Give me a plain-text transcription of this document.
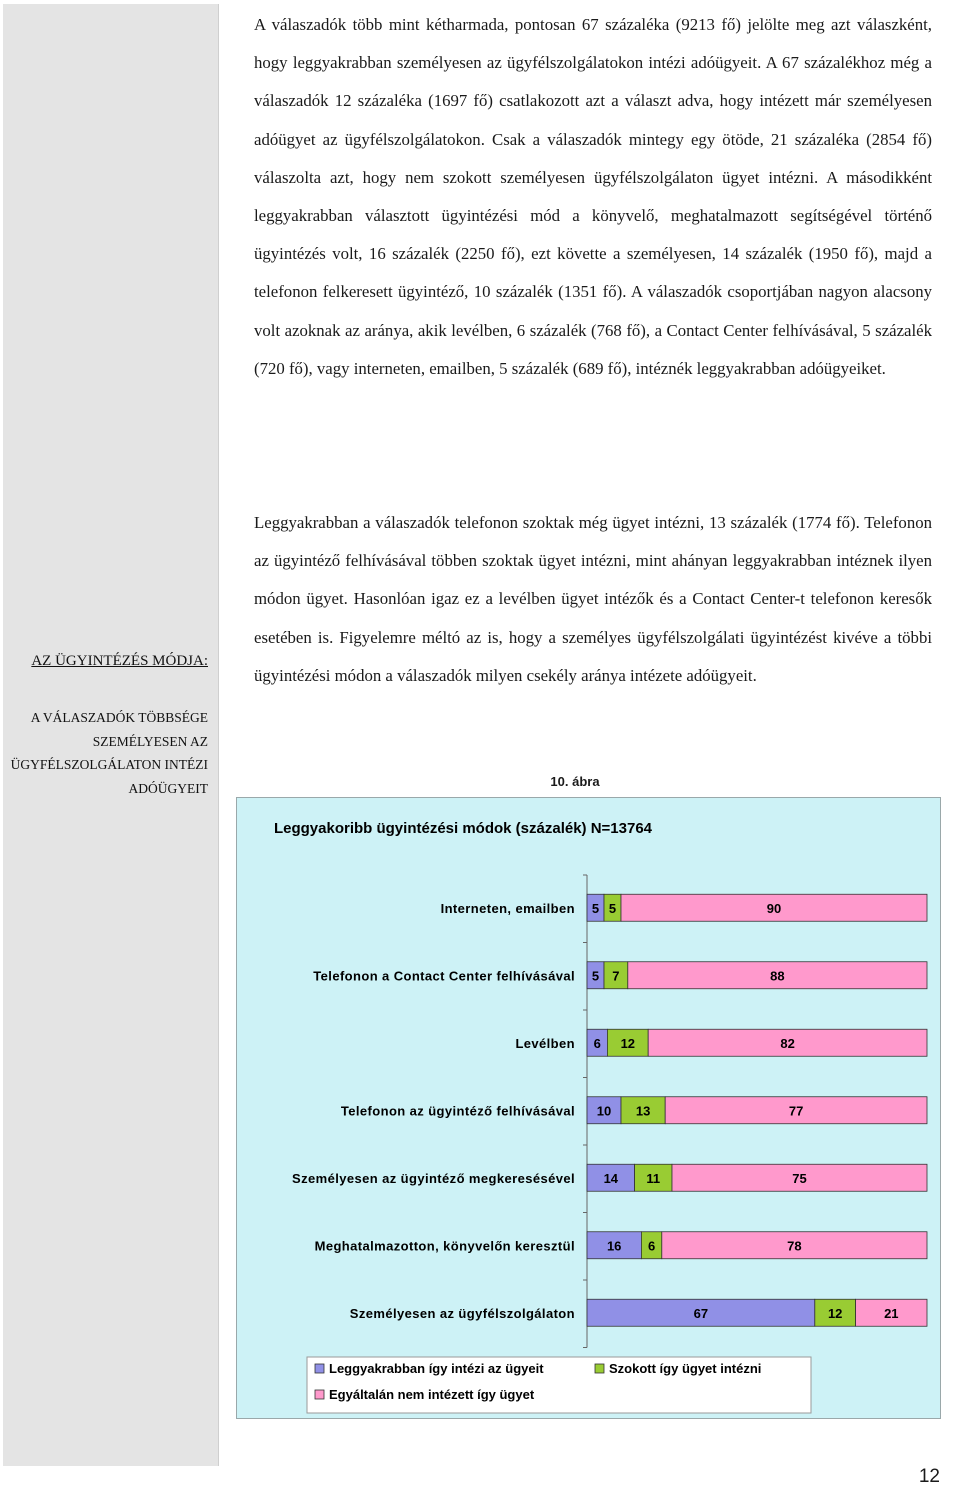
AZ ÜGYINTÉZÉS MÓDJA:
A VÁLASZADÓK TÖBBSÉGE SZEMÉLYESEN AZ ÜGYFÉLSZOLGÁLATON INTÉZI ADÓÜGYEIT

A válaszadók több mint kétharmada, pontosan 67 százaléka (9213 fő) jelölte meg azt válaszként, hogy leggyakrabban személyesen az ügyfélszolgálatokon intézi adóügyeit. A 67 százalékhoz még a válaszadók 12 százaléka (1697 fő) csatlakozott azt a választ adva, hogy intézett már személyesen adóügyet az ügyfélszolgálatokon. Csak a válaszadók mintegy egy ötöde, 21 százaléka (2854 fő) válaszolta azt, hogy nem szokott személyesen ügyfélszolgálaton ügyet intézni. A másodikként leggyakrabban választott ügyintézési mód a könyvelő, meghatalmazott segítségével történő ügyintézés volt, 16 százalék (2250 fő), ezt követte a személyesen, 14 százalék (1950 fő), majd a telefonon felkeresett ügyintéző, 10 százalék (1351 fő). A válaszadók csoportjában nagyon alacsony volt azoknak az aránya, akik levélben, 6 százalék (768 fő), a Contact Center felhívásával, 5 százalék (720 fő), vagy interneten, emailben, 5 százalék (689 fő), intéznék leggyakrabban adóügyeiket.

Leggyakrabban a válaszadók telefonon szoktak még ügyet intézni, 13 százalék (1774 fő). Telefonon az ügyintéző felhívásával többen szoktak ügyet intézni, mint ahányan leggyakrabban intéznek ilyen módon ügyet. Hasonlóan igaz ez a levélben ügyet intézők és a Contact Center-t telefonon keresők esetében is. Figyelemre méltó az is, hogy a személyes ügyfélszolgálati ügyintézést kivéve a többi ügyintézési módon a válaszadók milyen csekély aránya intézete adóügyeit.

10. ábra
Leggyakoribb ügyintézési módok (százalék) N=13764
Interneten, emailben 5 5	90
Telefonon a Contact Center felhívásával 5 7	88
Levélben 6 12	82
Telefonon az ügyintéző felhívásával 10 13	77
Személyesen az ügyintéző megkeresésével 14 11	75
Meghatalmazotton, könyvelőn keresztül 16 6	78
Személyesen az ügyfélszolgálaton	67	12	21
Leggyakrabban így intézi az ügyeit	Szokott így ügyet intézni
Egyáltalán nem intézett így ügyet
12
